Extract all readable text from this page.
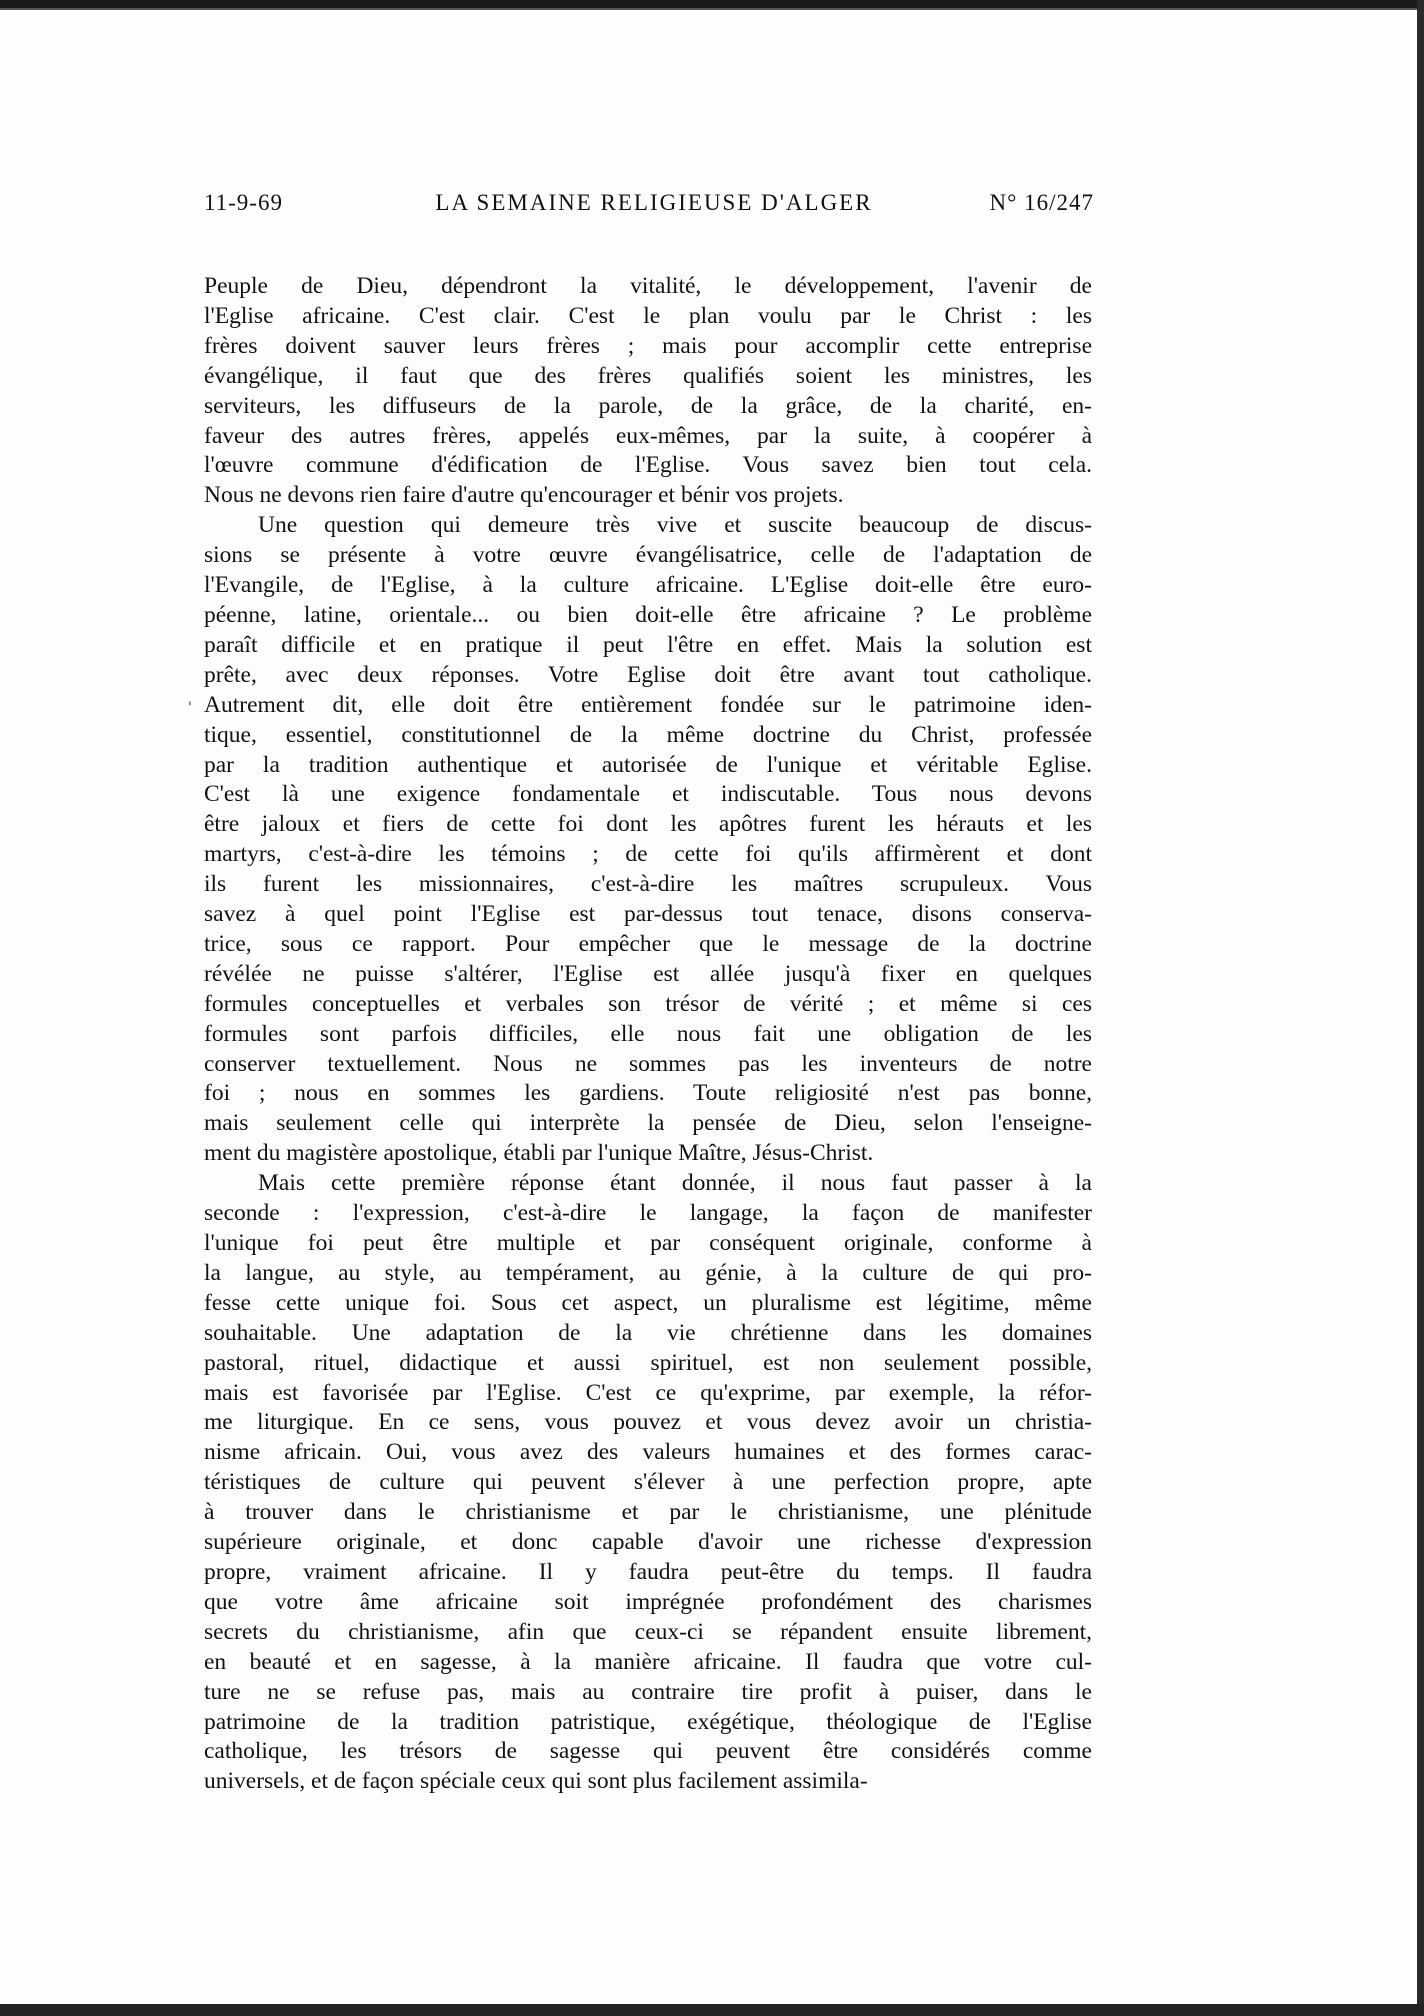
11-9-69	LA SEMAINE RELIGIEUSE D'ALGER	N° 16/247
'

Peuple de Dieu, dépendront la vitalité, le développement, l'avenir de
l'Eglise africaine. C'est clair. C'est le plan voulu par le Christ : les
frères doivent sauver leurs frères ; mais pour accomplir cette entreprise
évangélique, il faut que des frères qualifiés soient les ministres, les
serviteurs, les diffuseurs de la parole, de la grâce, de la charité, en-
faveur des autres frères, appelés eux-mêmes, par la suite, à coopérer à
l'œuvre commune d'édification de l'Eglise. Vous savez bien tout cela.
Nous ne devons rien faire d'autre qu'encourager et bénir vos projets.

Une question qui demeure très vive et suscite beaucoup de discus-
sions se présente à votre œuvre évangélisatrice, celle de l'adaptation de
l'Evangile, de l'Eglise, à la culture africaine. L'Eglise doit-elle être euro-
péenne, latine, orientale... ou bien doit-elle être africaine ? Le problème
paraît difficile et en pratique il peut l'être en effet. Mais la solution est
prête, avec deux réponses. Votre Eglise doit être avant tout catholique.
Autrement dit, elle doit être entièrement fondée sur le patrimoine iden-
tique, essentiel, constitutionnel de la même doctrine du Christ, professée
par la tradition authentique et autorisée de l'unique et véritable Eglise.
C'est là une exigence fondamentale et indiscutable. Tous nous devons
être jaloux et fiers de cette foi dont les apôtres furent les hérauts et les
martyrs, c'est-à-dire les témoins ; de cette foi qu'ils affirmèrent et dont
ils furent les missionnaires, c'est-à-dire les maîtres scrupuleux. Vous
savez à quel point l'Eglise est par-dessus tout tenace, disons conserva-
trice, sous ce rapport. Pour empêcher que le message de la doctrine
révélée ne puisse s'altérer, l'Eglise est allée jusqu'à fixer en quelques
formules conceptuelles et verbales son trésor de vérité ; et même si ces
formules sont parfois difficiles, elle nous fait une obligation de les
conserver textuellement. Nous ne sommes pas les inventeurs de notre
foi ; nous en sommes les gardiens. Toute religiosité n'est pas bonne,
mais seulement celle qui interprète la pensée de Dieu, selon l'enseigne-
ment du magistère apostolique, établi par l'unique Maître, Jésus-Christ.

Mais cette première réponse étant donnée, il nous faut passer à la
seconde : l'expression, c'est-à-dire le langage, la façon de manifester
l'unique foi peut être multiple et par conséquent originale, conforme à
la langue, au style, au tempérament, au génie, à la culture de qui pro-
fesse cette unique foi. Sous cet aspect, un pluralisme est légitime, même
souhaitable. Une adaptation de la vie chrétienne dans les domaines
pastoral, rituel, didactique et aussi spirituel, est non seulement possible,
mais est favorisée par l'Eglise. C'est ce qu'exprime, par exemple, la réfor-
me liturgique. En ce sens, vous pouvez et vous devez avoir un christia-
nisme africain. Oui, vous avez des valeurs humaines et des formes carac-
téristiques de culture qui peuvent s'élever à une perfection propre, apte
à trouver dans le christianisme et par le christianisme, une plénitude
supérieure originale, et donc capable d'avoir une richesse d'expression
propre, vraiment africaine. Il y faudra peut-être du temps. Il faudra
que votre âme africaine soit imprégnée profondément des charismes
secrets du christianisme, afin que ceux-ci se répandent ensuite librement,
en beauté et en sagesse, à la manière africaine. Il faudra que votre cul-
ture ne se refuse pas, mais au contraire tire profit à puiser, dans le
patrimoine de la tradition patristique, exégétique, théologique de l'Eglise
catholique, les trésors de sagesse qui peuvent être considérés comme
universels, et de façon spéciale ceux qui sont plus facilement assimila-
